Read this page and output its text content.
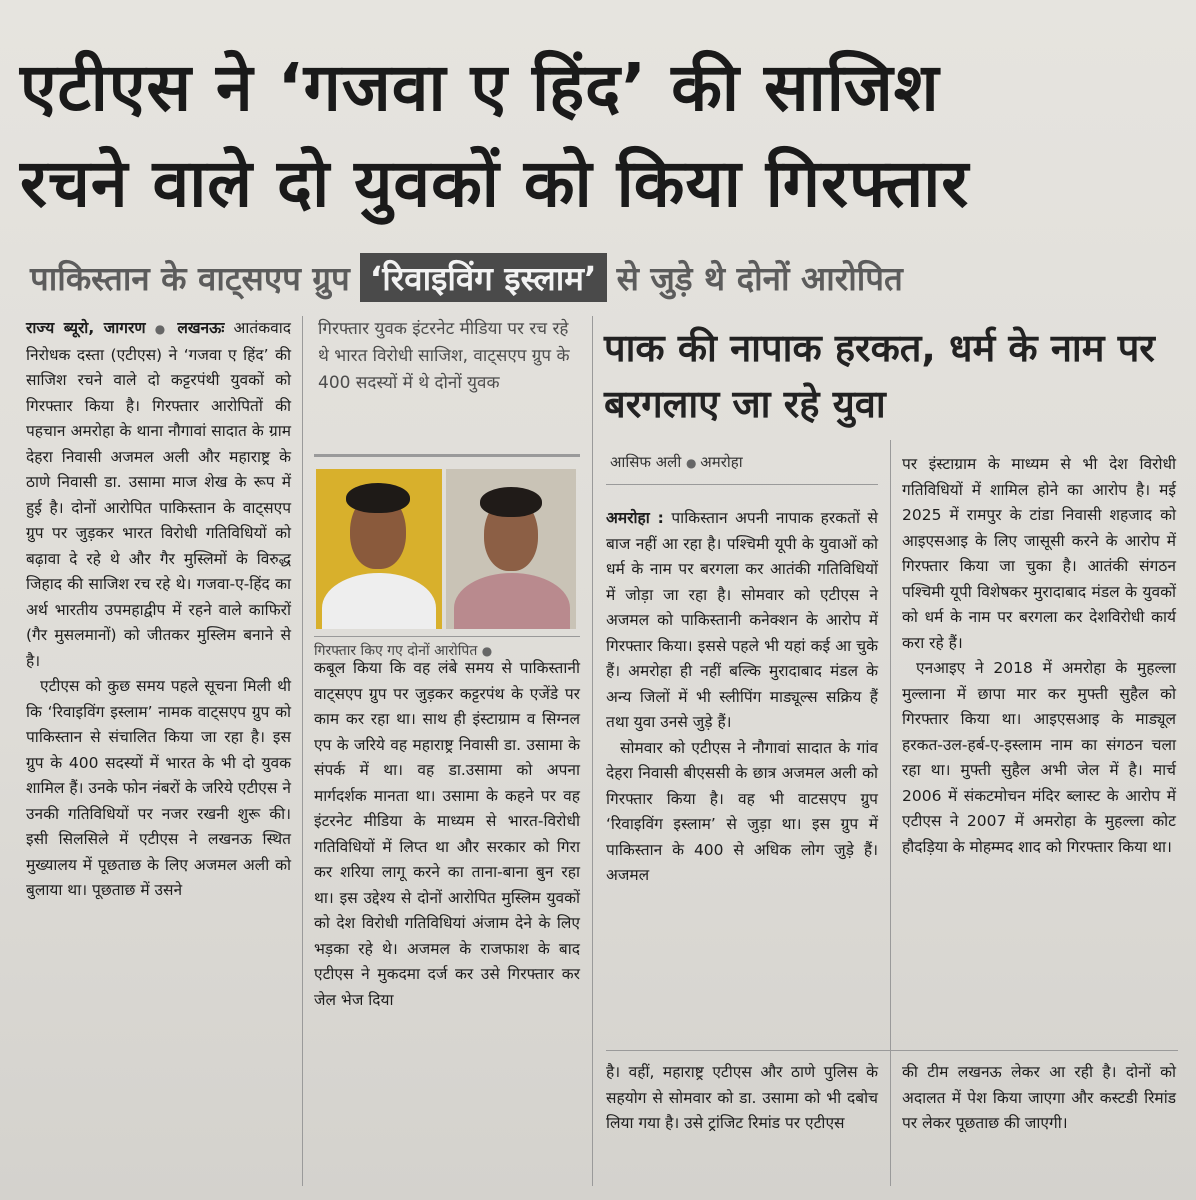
एटीएस ने ‘गजवा ए हिंद’ की साजिश
रचने वाले दो युवकों को किया गिरफ्तार
पाकिस्तान के वाट्सएप ग्रुप ‘रिवाइविंग इस्लाम’ से जुड़े थे दोनों आरोपित

राज्य ब्यूरो, जागरण ● लखनऊः आतंकवाद निरोधक दस्ता (एटीएस) ने ‘गजवा ए हिंद’ की साजिश रचने वाले दो कट्टरपंथी युवकों को गिरफ्तार किया है। गिरफ्तार आरोपितों की पहचान अमरोहा के थाना नौगावां सादात के ग्राम देहरा निवासी अजमल अली और महाराष्ट्र के ठाणे निवासी डा. उसामा माज शेख के रूप में हुई है। दोनों आरोपित पाकिस्तान के वाट्सएप ग्रुप पर जुड़कर भारत विरोधी गतिविधियों को बढ़ावा दे रहे थे और गैर मुस्लिमों के विरुद्ध जिहाद की साजिश रच रहे थे। गजवा-ए-हिंद का अर्थ भारतीय उपमहाद्वीप में रहने वाले काफिरों (गैर मुसलमानों) को जीतकर मुस्लिम बनाने से है।

एटीएस को कुछ समय पहले सूचना मिली थी कि ‘रिवाइविंग इस्लाम’ नामक वाट्सएप ग्रुप को पाकिस्तान से संचालित किया जा रहा है। इस ग्रुप के 400 सदस्यों में भारत के भी दो युवक शामिल हैं। उनके फोन नंबरों के जरिये एटीएस ने उनकी गतिविधियों पर नजर रखनी शुरू की। इसी सिलसिले में एटीएस ने लखनऊ स्थित मुख्यालय में पूछताछ के लिए अजमल अली को बुलाया था। पूछताछ में उसने

गिरफ्तार युवक इंटरनेट मीडिया पर रच रहे थे भारत विरोधी साजिश, वाट्सएप ग्रुप के 400 सदस्यों में थे दोनों युवक
गिरफ्तार किए गए दोनों आरोपित ●
कबूल किया कि वह लंबे समय से पाकिस्तानी वाट्सएप ग्रुप पर जुड़कर कट्टरपंथ के एजेंडे पर काम कर रहा था। साथ ही इंस्टाग्राम व सिग्नल एप के जरिये वह महाराष्ट्र निवासी डा. उसामा के संपर्क में था। वह डा.उसामा को अपना मार्गदर्शक मानता था। उसामा के कहने पर वह इंटरनेट मीडिया के माध्यम से भारत-विरोधी गतिविधियों में लिप्त था और सरकार को गिरा कर शरिया लागू करने का ताना-बाना बुन रहा था। इस उद्देश्य से दोनों आरोपित मुस्लिम युवकों को देश विरोधी गतिविधियां अंजाम देने के लिए भड़का रहे थे। अजमल के राजफाश के बाद एटीएस ने मुकदमा दर्ज कर उसे गिरफ्तार कर जेल भेज दिया
पाक की नापाक हरकत, धर्म के नाम पर बरगलाए जा रहे युवा
आसिफ अली ● अमरोहा

अमरोहा : पाकिस्तान अपनी नापाक हरकतों से बाज नहीं आ रहा है। पश्चिमी यूपी के युवाओं को धर्म के नाम पर बरगला कर आतंकी गतिविधियों में जोड़ा जा रहा है। सोमवार को एटीएस ने अजमल को पाकिस्तानी कनेक्शन के आरोप में गिरफ्तार किया। इससे पहले भी यहां कई आ चुके हैं। अमरोहा ही नहीं बल्कि मुरादाबाद मंडल के अन्य जिलों में भी स्लीपिंग माड्यूल्स सक्रिय हैं तथा युवा उनसे जुड़े हैं।

सोमवार को एटीएस ने नौगावां सादात के गांव देहरा निवासी बीएससी के छात्र अजमल अली को गिरफ्तार किया है। वह भी वाटसएप ग्रुप ‘रिवाइविंग इस्लाम’ से जुड़ा था। इस ग्रुप में पाकिस्तान के 400 से अधिक लोग जुड़े हैं। अजमल

है। वहीं, महाराष्ट्र एटीएस और ठाणे पुलिस के सहयोग से सोमवार को डा. उसामा को भी दबोच लिया गया है। उसे ट्रांजिट रिमांड पर एटीएस

पर इंस्टाग्राम के माध्यम से भी देश विरोधी गतिविधियों में शामिल होने का आरोप है। मई 2025 में रामपुर के टांडा निवासी शहजाद को आइएसआइ के लिए जासूसी करने के आरोप में गिरफ्तार किया जा चुका है। आतंकी संगठन पश्चिमी यूपी विशेषकर मुरादाबाद मंडल के युवकों को धर्म के नाम पर बरगला कर देशविरोधी कार्य करा रहे हैं।

एनआइए ने 2018 में अमरोहा के मुहल्ला मुल्लाना में छापा मार कर मुफ्ती सुहैल को गिरफ्तार किया था। आइएसआइ के माड्यूल हरकत-उल-हर्ब-ए-इस्लाम नाम का संगठन चला रहा था। मुफ्ती सुहैल अभी जेल में है। मार्च 2006 में संकटमोचन मंदिर ब्लास्ट के आरोप में एटीएस ने 2007 में अमरोहा के मुहल्ला कोट हौदड़िया के मोहम्मद शाद को गिरफ्तार किया था।

की टीम लखनऊ लेकर आ रही है। दोनों को अदालत में पेश किया जाएगा और कस्टडी रिमांड पर लेकर पूछताछ की जाएगी।
